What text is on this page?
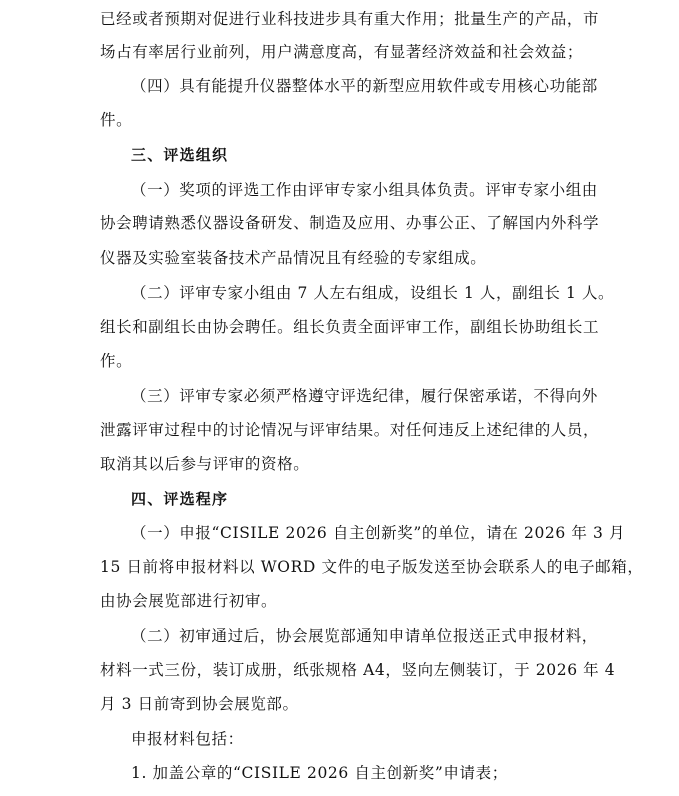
已经或者预期对促进行业科技进步具有重大作用；批量生产的产品，市
场占有率居行业前列，用户满意度高，有显著经济效益和社会效益；
（四）具有能提升仪器整体水平的新型应用软件或专用核心功能部
件。
三、评选组织
（一）奖项的评选工作由评审专家小组具体负责。评审专家小组由
协会聘请熟悉仪器设备研发、制造及应用、办事公正、了解国内外科学
仪器及实验室装备技术产品情况且有经验的专家组成。
（二）评审专家小组由 7 人左右组成，设组长 1 人，副组长 1 人。
组长和副组长由协会聘任。组长负责全面评审工作，副组长协助组长工
作。
（三）评审专家必须严格遵守评选纪律，履行保密承诺，不得向外
泄露评审过程中的讨论情况与评审结果。对任何违反上述纪律的人员，
取消其以后参与评审的资格。
四、评选程序
（一）申报“CISILE 2026 自主创新奖”的单位，请在 2026 年 3 月
15 日前将申报材料以 WORD 文件的电子版发送至协会联系人的电子邮箱，
由协会展览部进行初审。
（二）初审通过后，协会展览部通知申请单位报送正式申报材料，
材料一式三份，装订成册，纸张规格 A4，竖向左侧装订，于 2026 年 4
月 3 日前寄到协会展览部。
申报材料包括：
1. 加盖公章的“CISILE 2026 自主创新奖”申请表；
